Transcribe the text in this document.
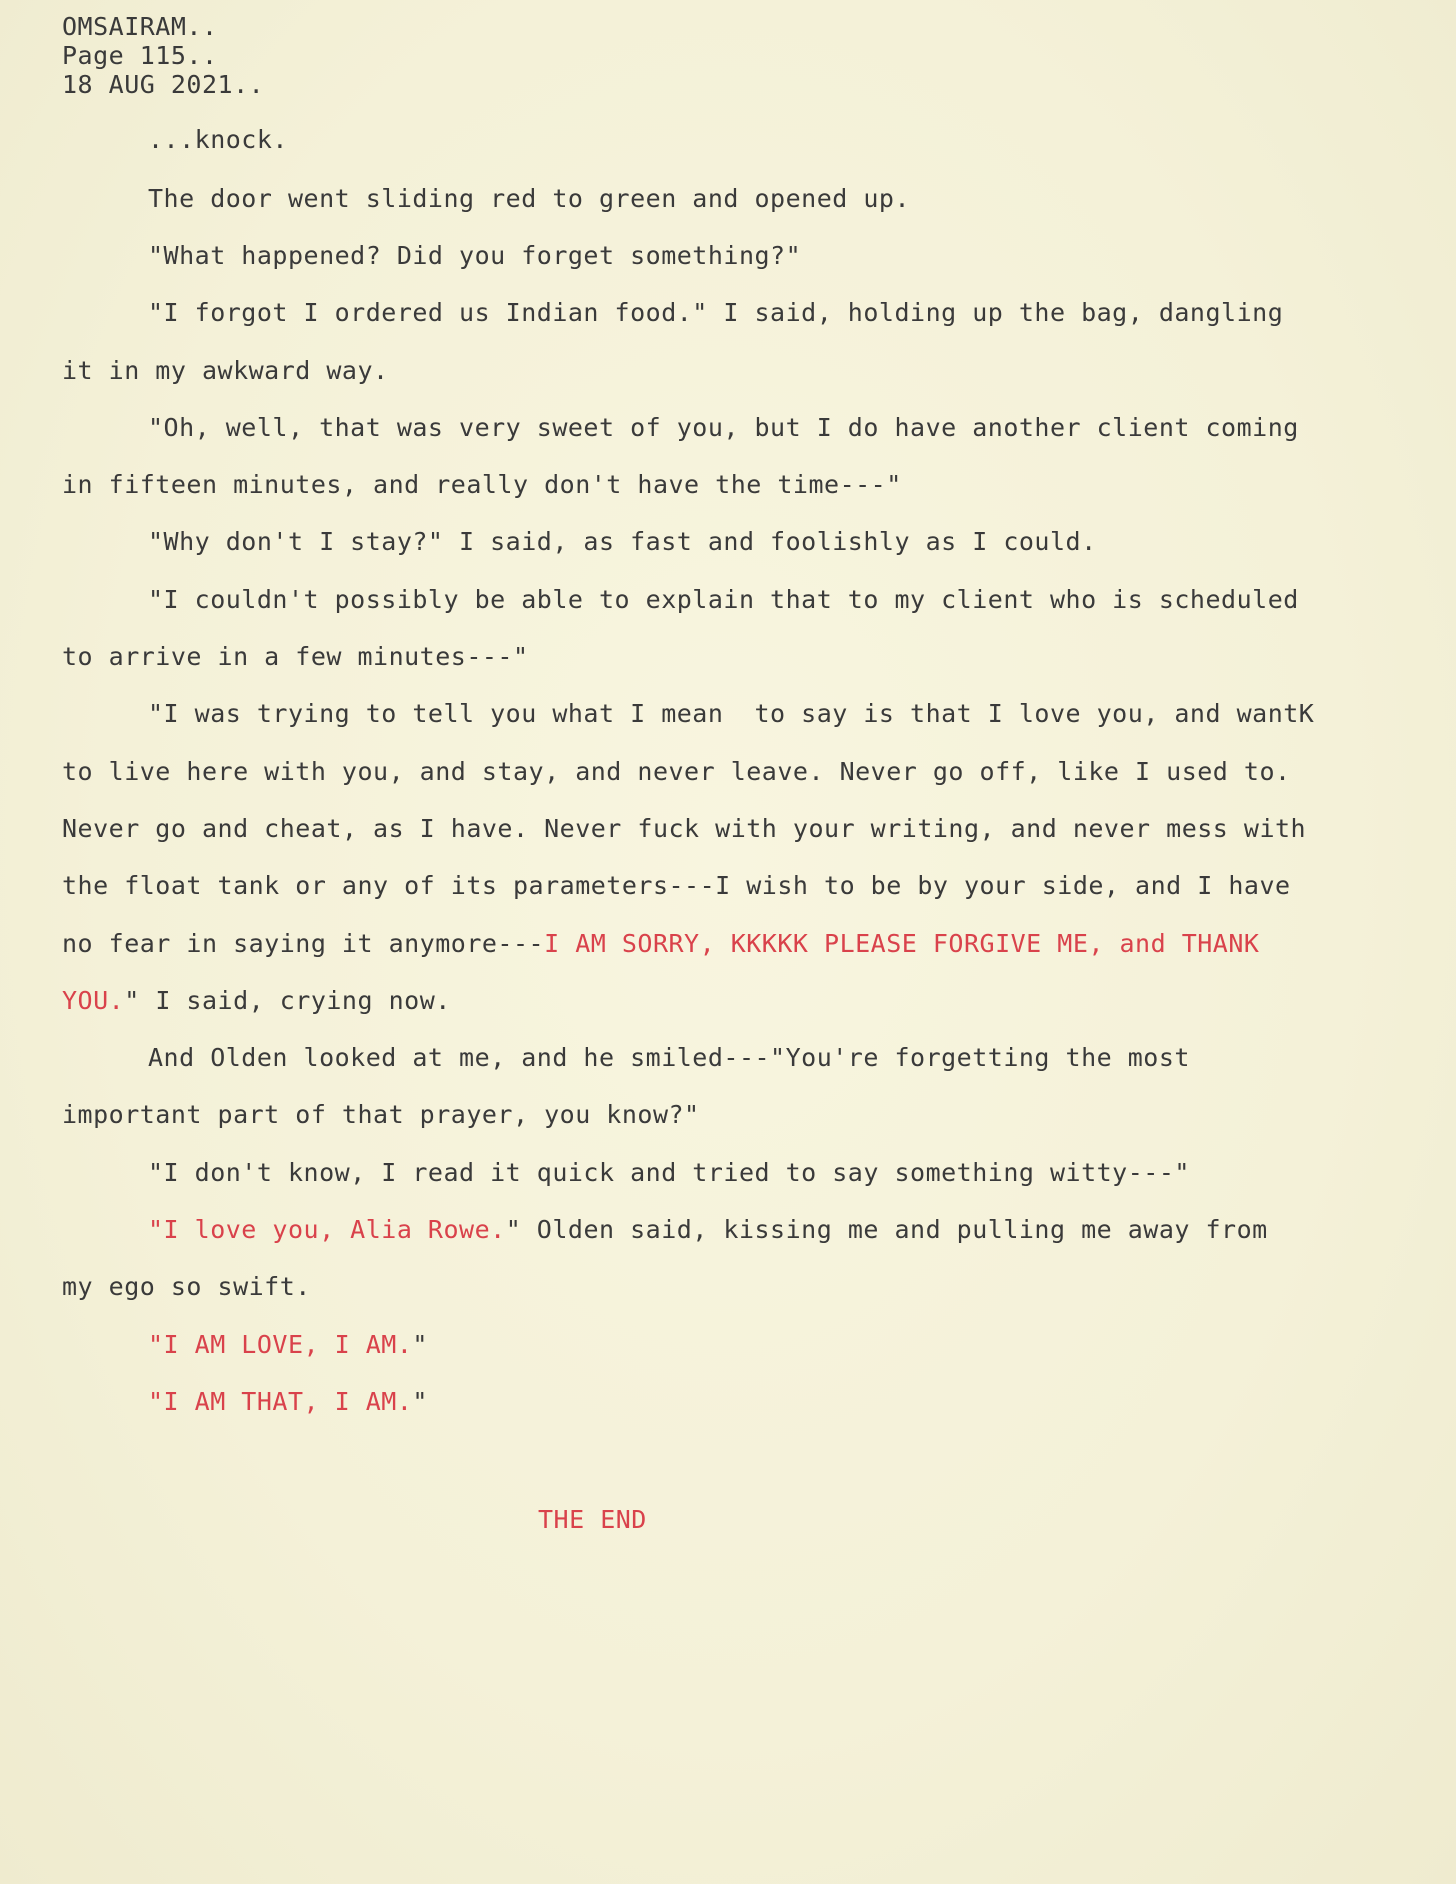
OMSAIRAM..
Page 115..
18 AUG 2021..
...knock.
The door went sliding red to green and opened up.
"What happened? Did you forget something?"
"I forgot I ordered us Indian food." I said, holding up the bag, dangling
it in my awkward way.
"Oh, well, that was very sweet of you, but I do have another client coming
in fifteen minutes, and really don't have the time---"
"Why don't I stay?" I said, as fast and foolishly as I could.
"I couldn't possibly be able to explain that to my client who is scheduled
to arrive in a few minutes---"
"I was trying to tell you what I mean  to say is that I love you, and wantK
to live here with you, and stay, and never leave. Never go off, like I used to.
Never go and cheat, as I have. Never fuck with your writing, and never mess with
the float tank or any of its parameters---I wish to be by your side, and I have
no fear in saying it anymore---I AM SORRY, KKKKK PLEASE FORGIVE ME, and THANK
YOU." I said, crying now.
And Olden looked at me, and he smiled---"You're forgetting the most
important part of that prayer, you know?"
"I don't know, I read it quick and tried to say something witty---"
"I love you, Alia Rowe." Olden said, kissing me and pulling me away from
my ego so swift.
"I AM LOVE, I AM."
"I AM THAT, I AM."
THE END
